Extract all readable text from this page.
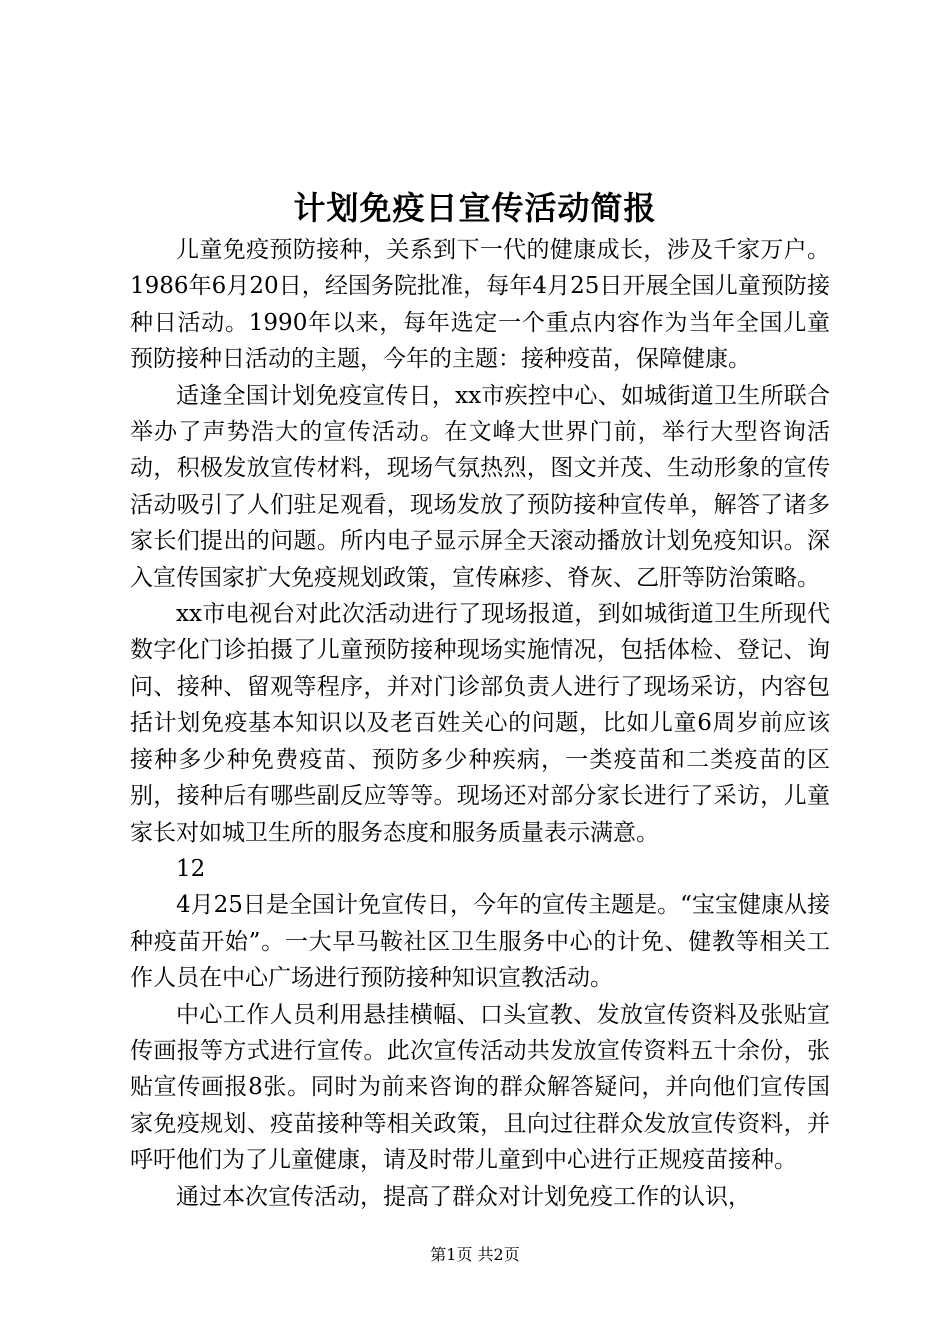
计划免疫日宣传活动简报

儿童免疫预防接种，关系到下一代的健康成长，涉及千家万户。1986年6月20日，经国务院批准，每年4月25日开展全国儿童预防接种日活动。1990年以来，每年选定一个重点内容作为当年全国儿童预防接种日活动的主题，今年的主题：接种疫苗，保障健康。

适逢全国计划免疫宣传日，xx市疾控中心、如城街道卫生所联合举办了声势浩大的宣传活动。在文峰大世界门前，举行大型咨询活动，积极发放宣传材料，现场气氛热烈，图文并茂、生动形象的宣传活动吸引了人们驻足观看，现场发放了预防接种宣传单，解答了诸多家长们提出的问题。所内电子显示屏全天滚动播放计划免疫知识。深入宣传国家扩大免疫规划政策，宣传麻疹、脊灰、乙肝等防治策略。

xx市电视台对此次活动进行了现场报道，到如城街道卫生所现代数字化门诊拍摄了儿童预防接种现场实施情况，包括体检、登记、询问、接种、留观等程序，并对门诊部负责人进行了现场采访，内容包括计划免疫基本知识以及老百姓关心的问题，比如儿童6周岁前应该接种多少种免费疫苗、预防多少种疾病，一类疫苗和二类疫苗的区别，接种后有哪些副反应等等。现场还对部分家长进行了采访，儿童家长对如城卫生所的服务态度和服务质量表示满意。

12

4月25日是全国计免宣传日，今年的宣传主题是。“宝宝健康从接种疫苗开始”。一大早马鞍社区卫生服务中心的计免、健教等相关工作人员在中心广场进行预防接种知识宣教活动。

中心工作人员利用悬挂横幅、口头宣教、发放宣传资料及张贴宣传画报等方式进行宣传。此次宣传活动共发放宣传资料五十余份，张贴宣传画报8张。同时为前来咨询的群众解答疑问，并向他们宣传国家免疫规划、疫苗接种等相关政策，且向过往群众发放宣传资料，并呼吁他们为了儿童健康，请及时带儿童到中心进行正规疫苗接种。

通过本次宣传活动，提高了群众对计划免疫工作的认识，

第1页 共2页
